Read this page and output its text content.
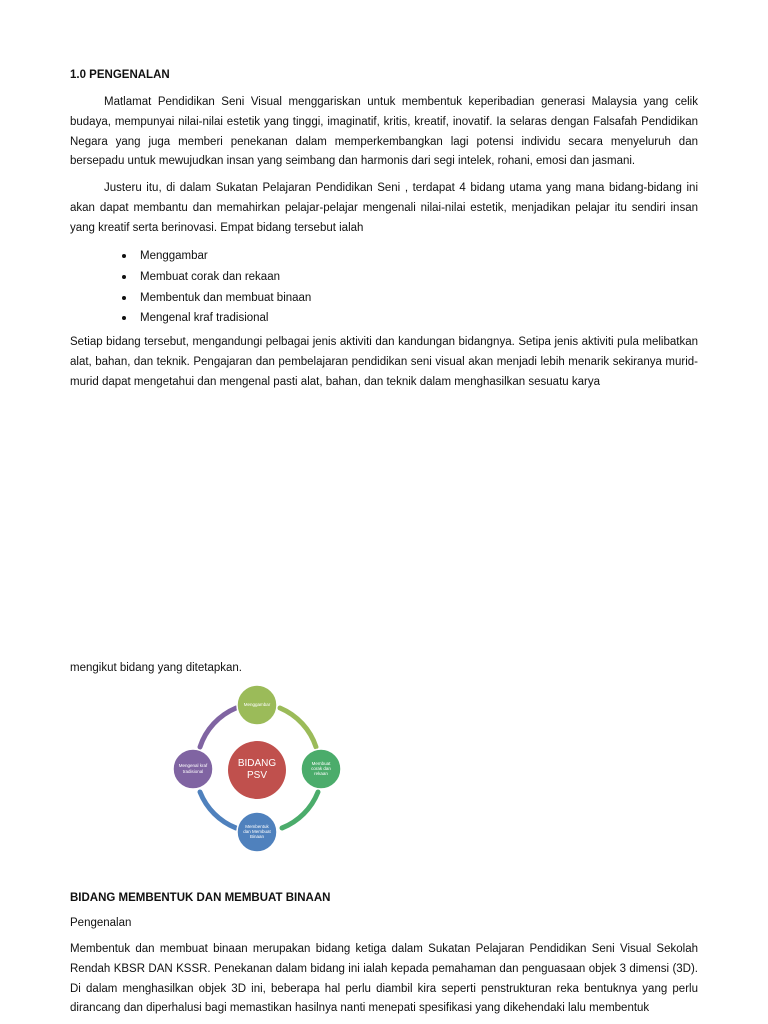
1.0 PENGENALAN

Matlamat Pendidikan Seni Visual menggariskan untuk membentuk keperibadian generasi Malaysia yang celik budaya, mempunyai nilai-nilai estetik yang tinggi, imaginatif, kritis, kreatif, inovatif. Ia selaras dengan Falsafah Pendidikan Negara yang juga memberi penekanan dalam memperkembangkan lagi potensi individu secara menyeluruh dan bersepadu untuk mewujudkan insan yang seimbang dan harmonis dari segi intelek, rohani, emosi dan jasmani.

Justeru itu, di dalam Sukatan Pelajaran Pendidikan Seni , terdapat 4 bidang utama yang mana bidang-bidang ini akan dapat membantu dan memahirkan pelajar-pelajar mengenali nilai-nilai estetik, menjadikan pelajar itu sendiri insan yang kreatif serta berinovasi. Empat bidang tersebut ialah

Menggambar
Membuat corak dan rekaan
Membentuk dan membuat binaan
Mengenal kraf tradisional

Setiap bidang tersebut, mengandungi pelbagai jenis aktiviti dan kandungan bidangnya. Setipa jenis aktiviti pula melibatkan alat, bahan, dan teknik. Pengajaran dan pembelajaran pendidikan seni visual akan menjadi lebih menarik sekiranya murid-murid dapat mengetahui dan mengenal pasti alat, bahan, dan teknik dalam menghasilkan sesuatu karya

mengikut bidang yang ditetapkan.

BIDANG
PSV
Menggambar
Membuat
corak dan
rekaan
Membentuk
dan Membuat
Binaan
Mengenal kraf
tradisional
BIDANG MEMBENTUK DAN MEMBUAT BINAAN

Pengenalan

Membentuk dan membuat binaan merupakan bidang ketiga dalam Sukatan Pelajaran Pendidikan Seni Visual Sekolah Rendah KBSR DAN KSSR. Penekanan dalam bidang ini ialah kepada pemahaman dan penguasaan objek 3 dimensi (3D). Di dalam menghasilkan objek 3D ini, beberapa hal perlu diambil kira seperti penstrukturan reka bentuknya yang perlu dirancang dan diperhalusi bagi memastikan hasilnya nanti menepati spesifikasi yang dikehendaki lalu membentuk
